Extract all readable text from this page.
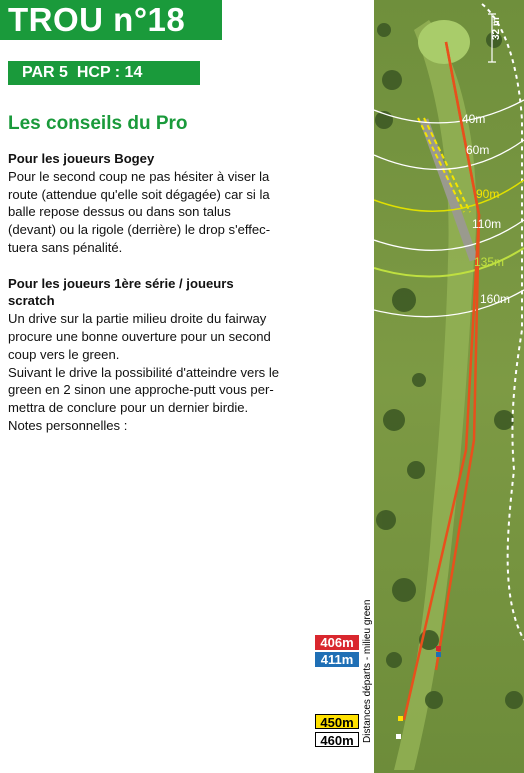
TROU n°18
PAR 5  HCP : 14
Les conseils du Pro

Pour les joueurs Bogey

Pour le second coup ne pas hésiter à viser la

route (attendue qu'elle soit dégagée) car si la

balle repose dessus ou dans son talus

(devant) ou la rigole (derrière) le drop s'effec-

tuera sans pénalité.

Pour les joueurs 1ère série / joueurs

scratch

Un drive sur la partie milieu droite du fairway

procure une bonne ouverture pour un second

coup vers le green.

Suivant le drive la possibilité d'atteindre vers le

green en 2 sinon une approche-putt vous per-

mettra de conclure pour un dernier birdie.

Notes personnelles :

32 m
40m
60m
90m
110m
135m
160m
406m
411m
450m
460m Distances départs - milieu green
